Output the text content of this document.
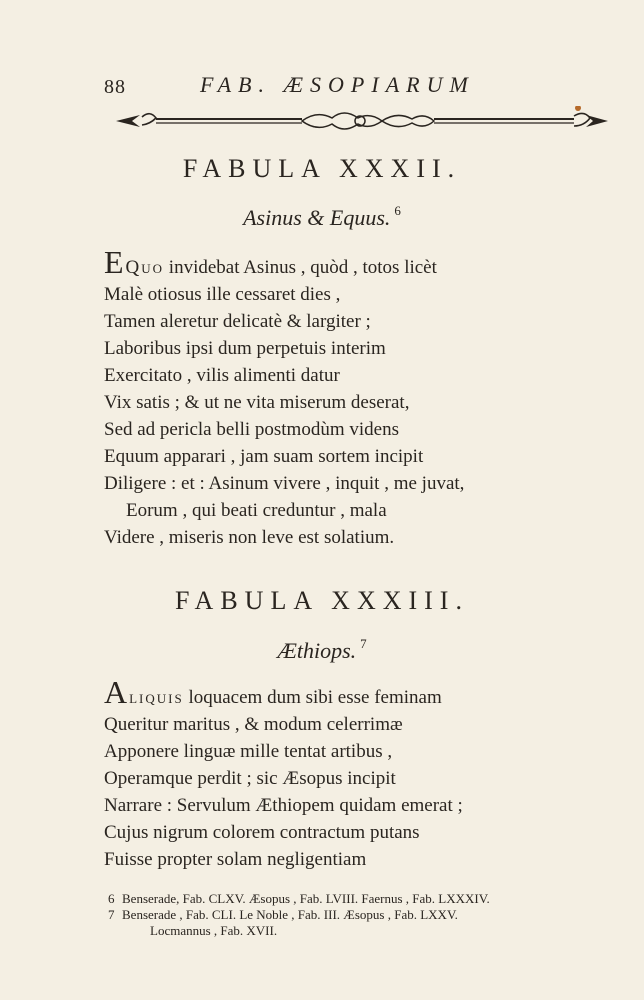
88	FAB. ÆSOPIARUM
FABULA XXXII.
Asinus & Equus. $^6$
E Quo invidebat Asinus , quòd , totos licèt
Malè otiosus ille cessaret dies ,
Tamen aleretur delicatè & largiter ;
Laboribus ipsi dum perpetuis interim
Exercitato , vilis alimenti datur
Vix satis ; & ut ne vita miserum deserat,
Sed ad pericla belli postmodùm videns
Equum apparari , jam suam sortem incipit
Diligere : et : Asinum vivere , inquit , me juvat,
Eorum , qui beati creduntur , mala
Videre , miseris non leve est solatium.
FABULA XXXIII.
Æthiops. $^7$
Aliquis loquacem dum sibi esse feminam
Queritur maritus , & modum celerrimæ
Apponere linguæ mille tentat artibus ,
Operamque perdit ; sic Æsopus incipit
Narrare : Servulum Æthiopem quidam emerat ;
Cujus nigrum colorem contractum putans
Fuisse propter solam negligentiam
6 Benserade, Fab. CLXV. Æsopus , Fab. LVIII. Faernus , Fab. LXXXIV.
7 Benserade , Fab. CLI. Le Noble , Fab. III. Æsopus , Fab. LXXV.
Locmannus , Fab. XVII.
